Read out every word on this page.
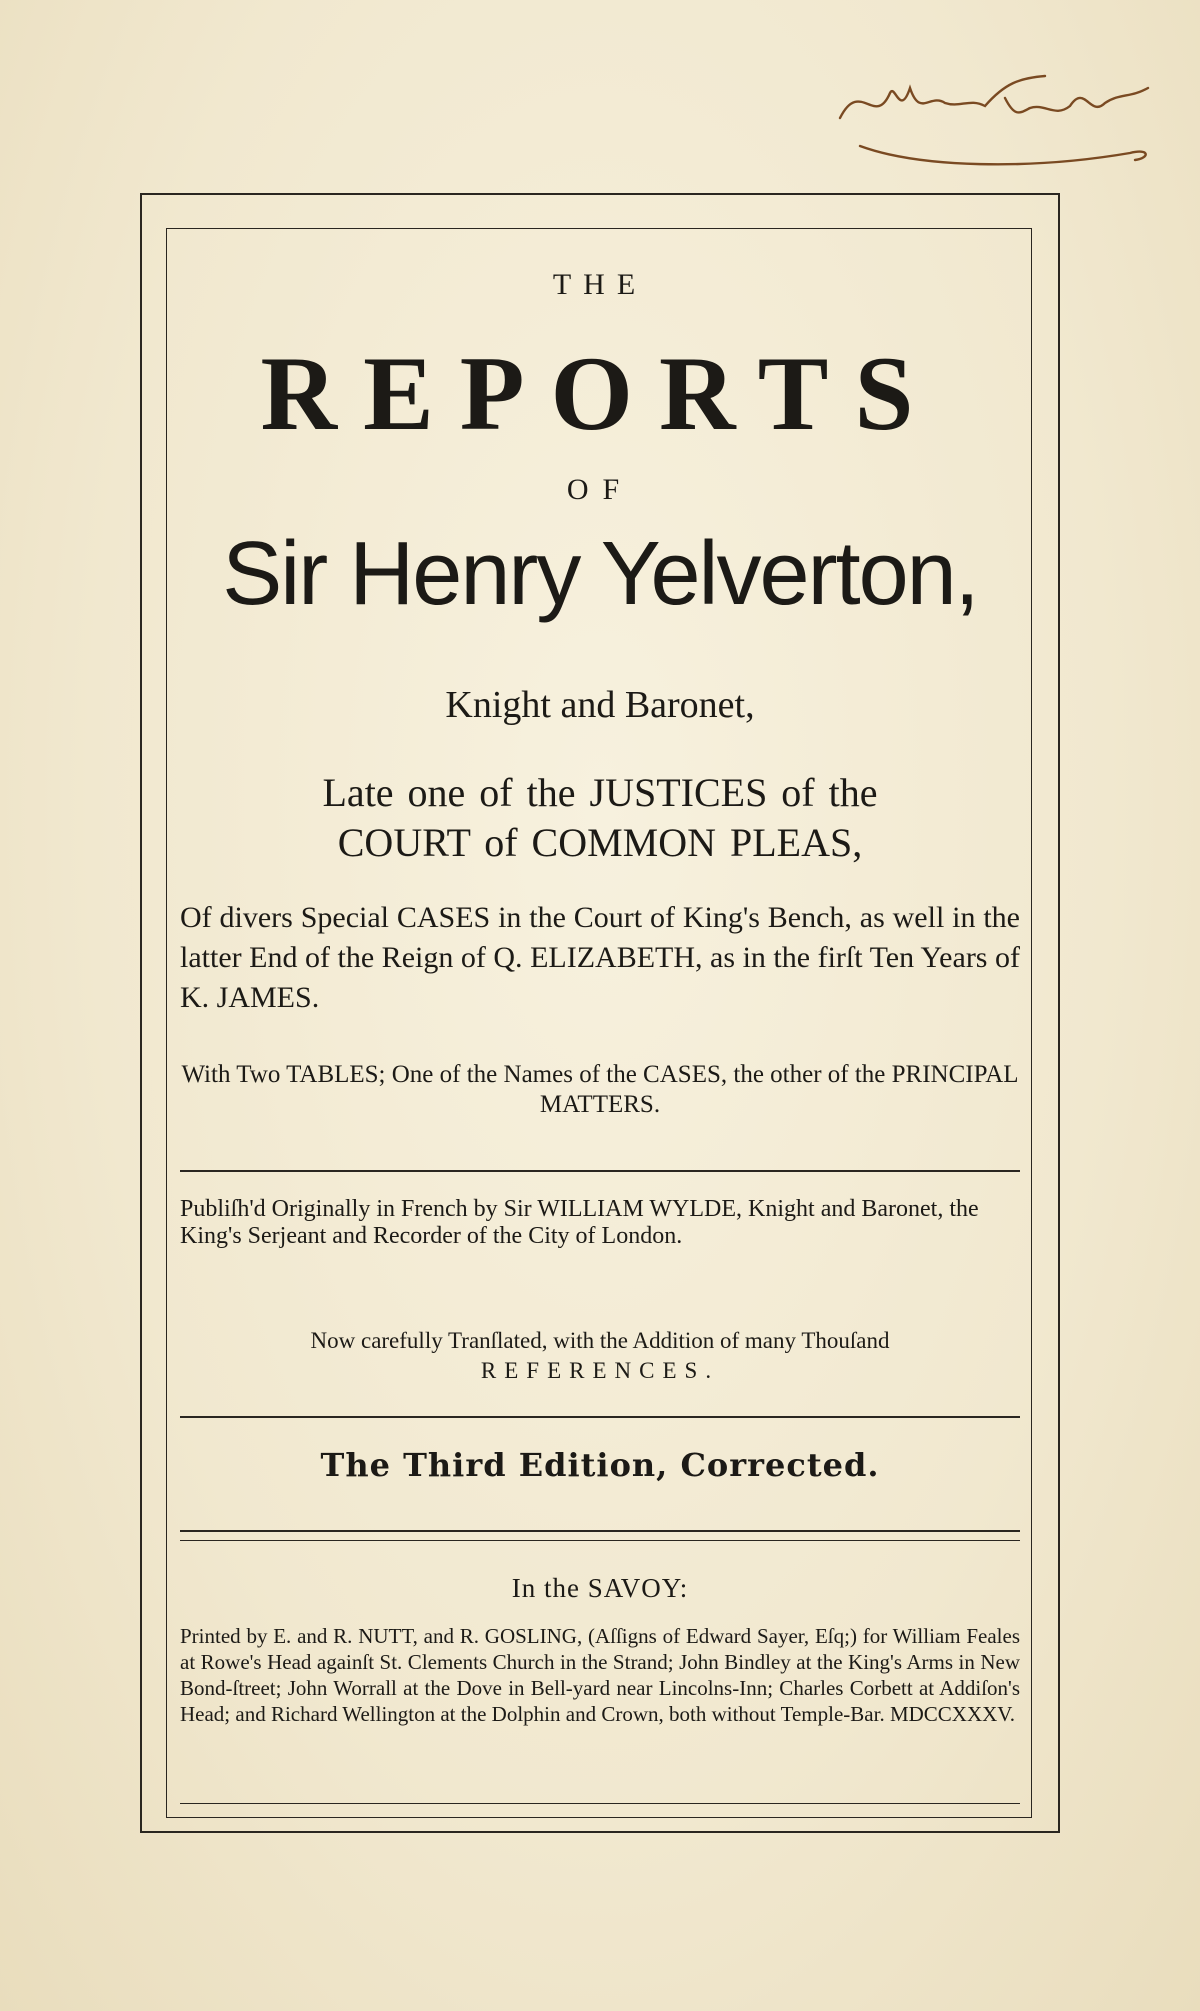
THE
REPORTS
OF
Sir Henry Yelverton,
Knight and Baronet,
Late one of the JUSTICES of the
COURT of COMMON PLEAS,
Of divers Special CASES in the Court of King's Bench, as well in the latter End of the Reign of Q. ELIZABETH, as in the firſt Ten Years of K. JAMES.
With Two TABLES; One of the Names of the CASES, the other of the PRINCIPAL MATTERS.
Publiſh'd Originally in French by Sir WILLIAM WYLDE, Knight and Baronet, the King's Serjeant and Recorder of the City of London.
Now carefully Tranſlated, with the Addition of many Thouſand
REFERENCES.
The Third Edition, Corrected.
In the SAVOY:
Printed by E. and R. NUTT, and R. GOSLING, (Aſſigns of Edward Sayer, Eſq;) for William Feales at Rowe's Head againſt St. Clements Church in the Strand; John Bindley at the King's Arms in New Bond-ſtreet; John Worrall at the Dove in Bell-yard near Lincolns-Inn; Charles Corbett at Addiſon's Head; and Richard Wellington at the Dolphin and Crown, both without Temple-Bar. MDCCXXXV.
